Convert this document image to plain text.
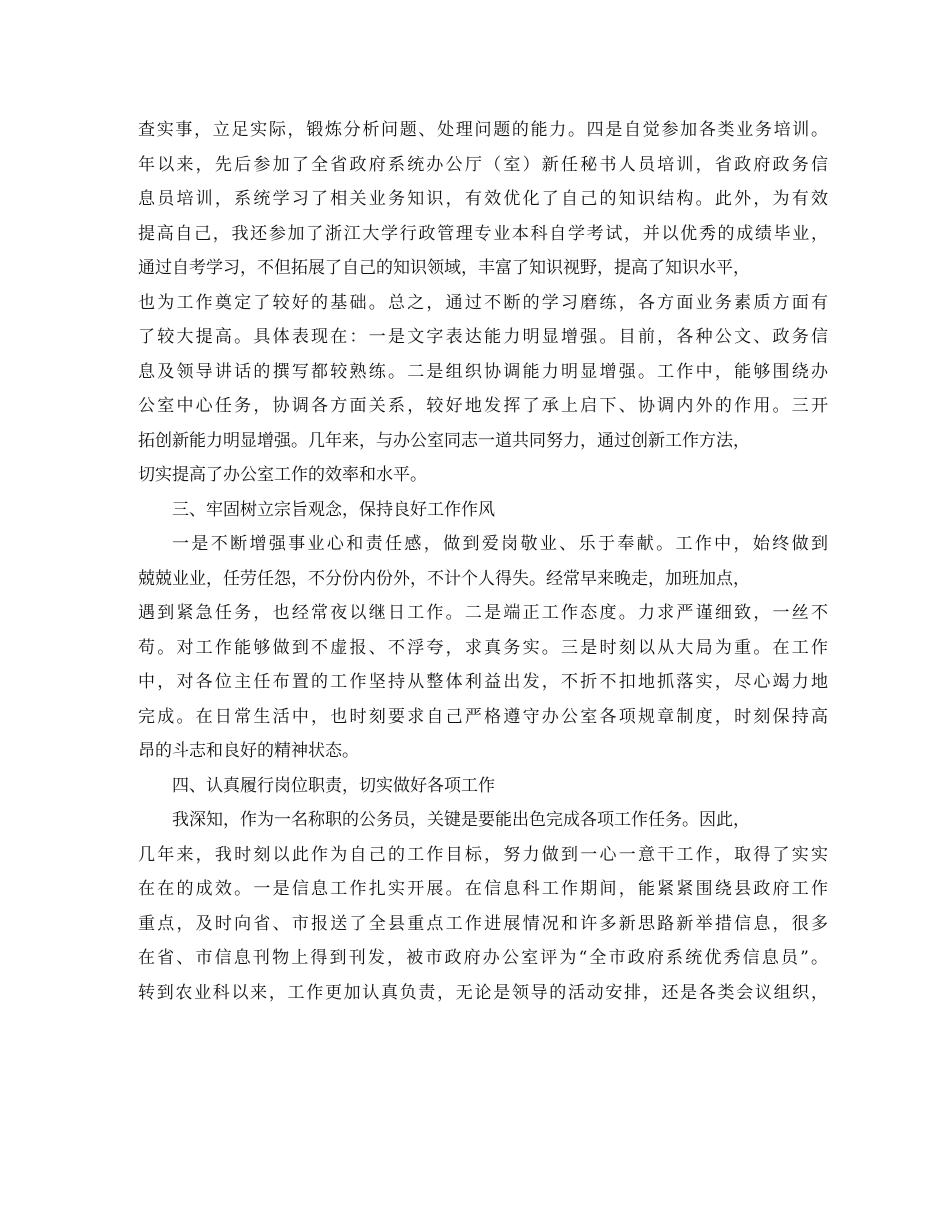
查实事，立足实际，锻炼分析问题、处理问题的能力。四是自觉参加各类业务培训。
年以来，先后参加了全省政府系统办公厅（室）新任秘书人员培训，省政府政务信
息员培训，系统学习了相关业务知识，有效优化了自己的知识结构。此外，为有效
提高自己，我还参加了浙江大学行政管理专业本科自学考试，并以优秀的成绩毕业，
通过自考学习，不但拓展了自己的知识领域，丰富了知识视野，提高了知识水平，
也为工作奠定了较好的基础。总之，通过不断的学习磨练，各方面业务素质方面有
了较大提高。具体表现在：一是文字表达能力明显增强。目前，各种公文、政务信
息及领导讲话的撰写都较熟练。二是组织协调能力明显增强。工作中，能够围绕办
公室中心任务，协调各方面关系，较好地发挥了承上启下、协调内外的作用。三开
拓创新能力明显增强。几年来，与办公室同志一道共同努力，通过创新工作方法，
切实提高了办公室工作的效率和水平。
三、牢固树立宗旨观念，保持良好工作作风
一是不断增强事业心和责任感，做到爱岗敬业、乐于奉献。工作中，始终做到
兢兢业业，任劳任怨，不分份内份外，不计个人得失。经常早来晚走，加班加点，
遇到紧急任务，也经常夜以继日工作。二是端正工作态度。力求严谨细致，一丝不
苟。对工作能够做到不虚报、不浮夸，求真务实。三是时刻以从大局为重。在工作
中，对各位主任布置的工作坚持从整体利益出发，不折不扣地抓落实，尽心竭力地
完成。在日常生活中，也时刻要求自己严格遵守办公室各项规章制度，时刻保持高
昂的斗志和良好的精神状态。
四、认真履行岗位职责，切实做好各项工作
我深知，作为一名称职的公务员，关键是要能出色完成各项工作任务。因此，
几年来，我时刻以此作为自己的工作目标，努力做到一心一意干工作，取得了实实
在在的成效。一是信息工作扎实开展。在信息科工作期间，能紧紧围绕县政府工作
重点，及时向省、市报送了全县重点工作进展情况和许多新思路新举措信息，很多
在省、市信息刊物上得到刊发，被市政府办公室评为“全市政府系统优秀信息员”。
转到农业科以来，工作更加认真负责，无论是领导的活动安排，还是各类会议组织，
